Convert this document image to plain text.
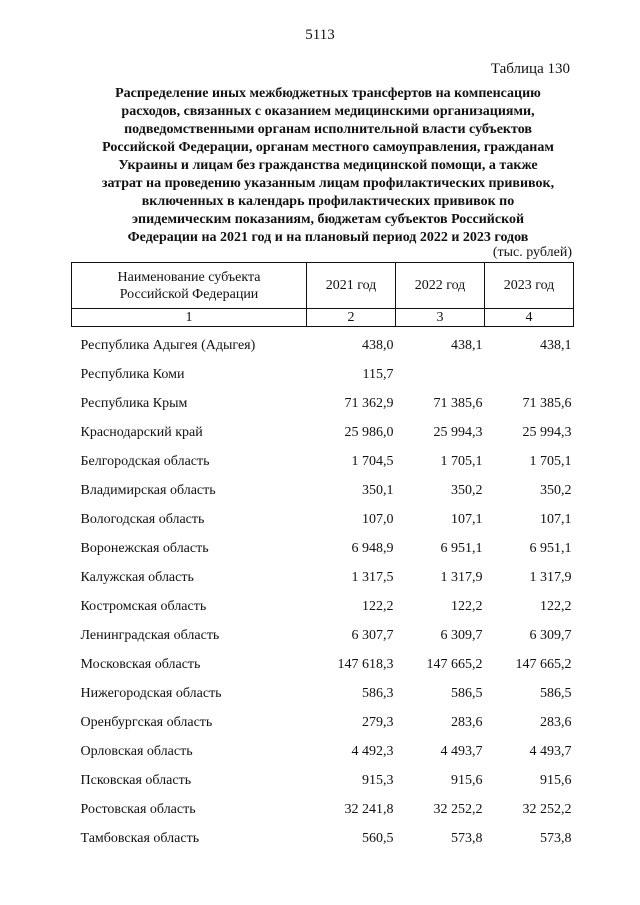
5113
Таблица 130
Распределение иных межбюджетных трансфертов на компенсацию
расходов, связанных с оказанием медицинскими организациями,
подведомственными органам исполнительной власти субъектов
Российской Федерации, органам местного самоуправления, гражданам
Украины и лицам без гражданства медицинской помощи, а также
затрат на проведению указанным лицам профилактических прививок,
включенных в календарь профилактических прививок по
эпидемическим показаниям, бюджетам субъектов Российской
Федерации на 2021 год и на плановый период 2022 и 2023 годов
(тыс. рублей)
Наименование субъекта
Российской Федерации	2021 год	2022 год	2023 год
1	2	3	4
Республика Адыгея (Адыгея)	438,0	438,1	438,1
Республика Коми	115,7		
Республика Крым	71 362,9	71 385,6	71 385,6
Краснодарский край	25 986,0	25 994,3	25 994,3
Белгородская область	1 704,5	1 705,1	1 705,1
Владимирская область	350,1	350,2	350,2
Вологодская область	107,0	107,1	107,1
Воронежская область	6 948,9	6 951,1	6 951,1
Калужская область	1 317,5	1 317,9	1 317,9
Костромская область	122,2	122,2	122,2
Ленинградская область	6 307,7	6 309,7	6 309,7
Московская область	147 618,3	147 665,2	147 665,2
Нижегородская область	586,3	586,5	586,5
Оренбургская область	279,3	283,6	283,6
Орловская область	4 492,3	4 493,7	4 493,7
Псковская область	915,3	915,6	915,6
Ростовская область	32 241,8	32 252,2	32 252,2
Тамбовская область	560,5	573,8	573,8
